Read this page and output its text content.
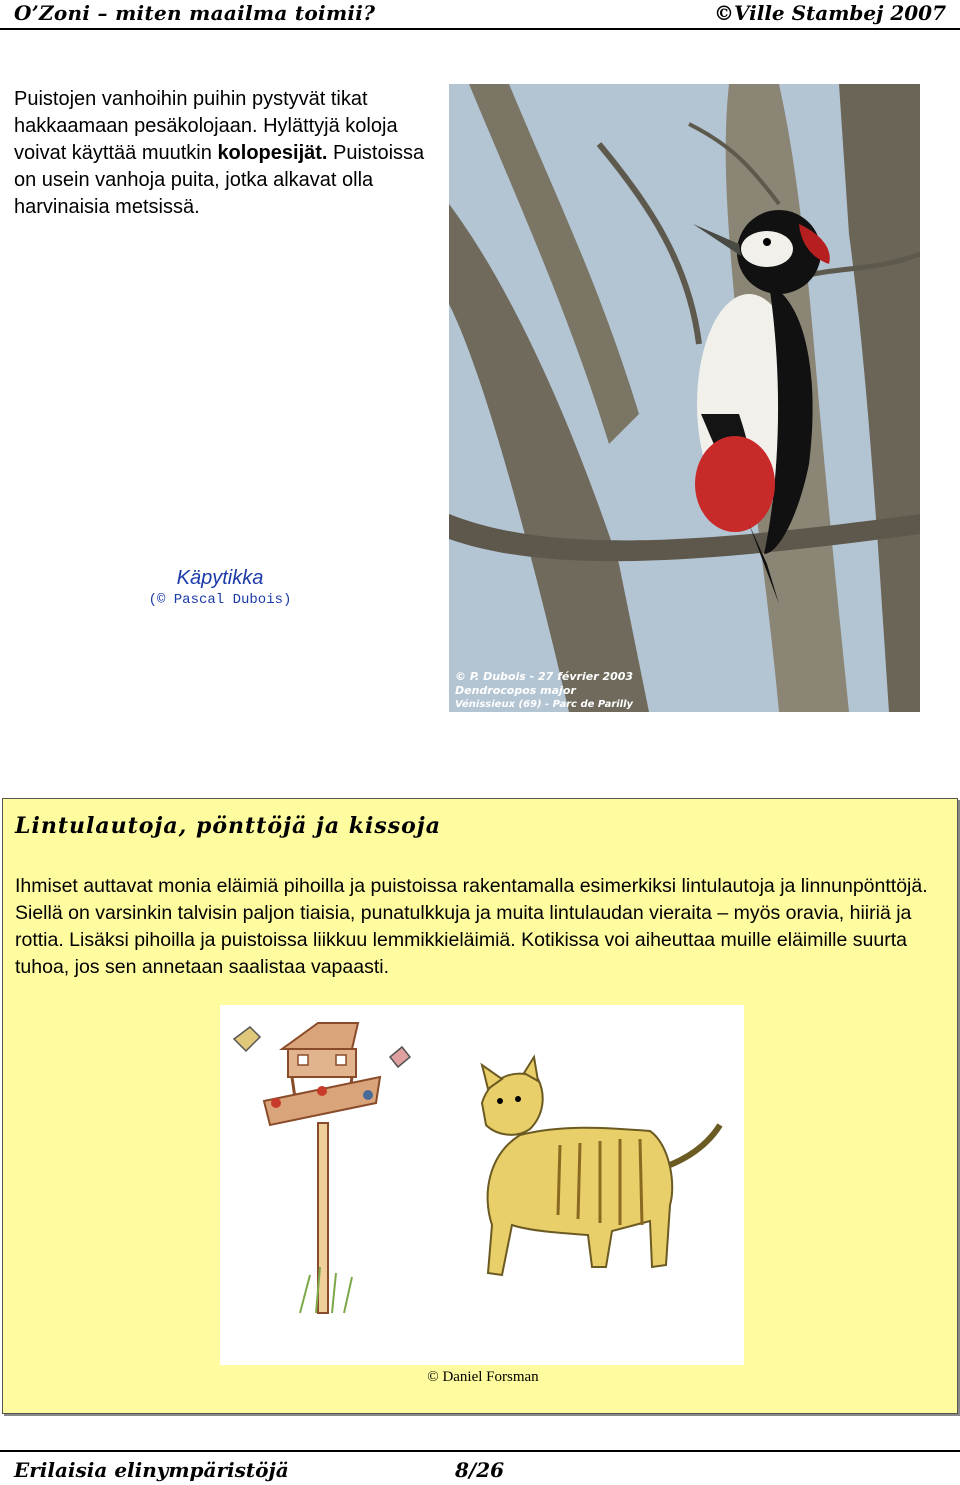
O’Zoni – miten maailma toimii?	©Ville Stambej 2007
Puistojen vanhoihin puihin pystyvät tikat hakkaamaan pesäkolojaan. Hylättyjä koloja voivat käyttää muutkin kolopesijät. Puistoissa on usein vanhoja puita, jotka alkavat olla harvinaisia metsissä.
Käpytikka
(© Pascal Dubois)
© P. Dubois - 27 février 2003
Dendrocopos major
Vénissieux (69) - Parc de Parilly
Lintulautoja, pönttöjä ja kissoja
Ihmiset auttavat monia eläimiä pihoilla ja puistoissa rakentamalla esimerkiksi lintulautoja ja linnunpönttöjä. Siellä on varsinkin talvisin paljon tiaisia, punatulkkuja ja muita lintulaudan vieraita – myös oravia, hiiriä ja rottia. Lisäksi pihoilla ja puistoissa liikkuu lemmikkieläimiä. Kotikissa voi aiheuttaa muille eläimille suurta tuhoa, jos sen annetaan saalistaa vapaasti.
© Daniel Forsman
Erilaisia elinympäristöjä	8/26
